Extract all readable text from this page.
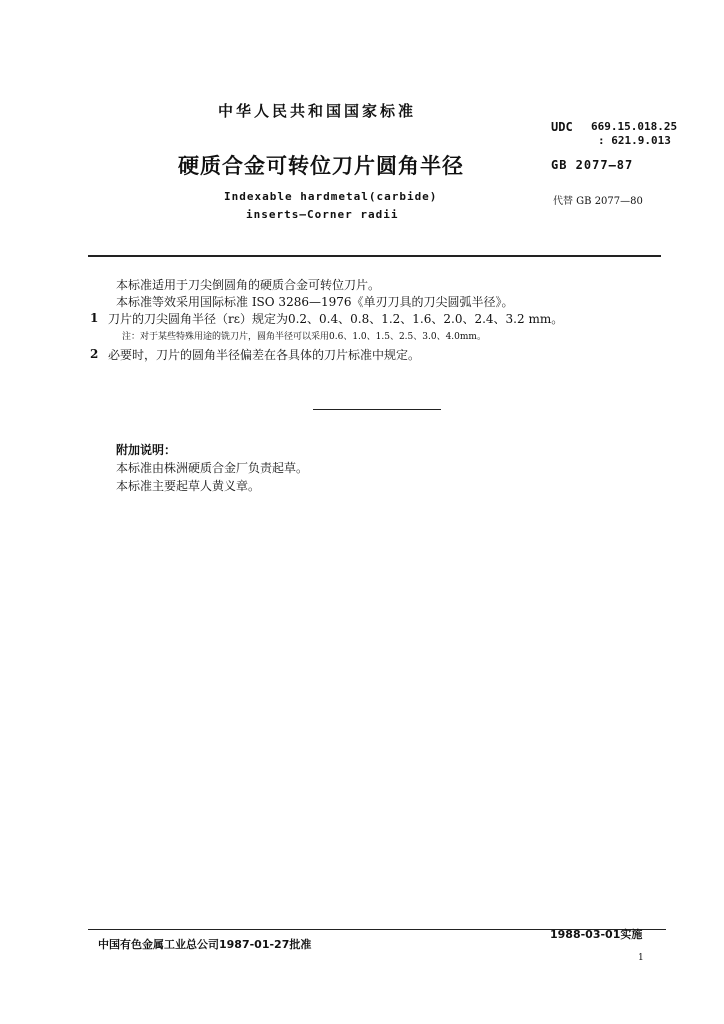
中华人民共和国国家标准
UDC 669.15.018.25
: 621.9.013
硬质合金可转位刀片圆角半径	GB 2077—87
Indexable hardmetal(carbide)
inserts—Corner radii
代替 GB 2077—80
本标准适用于刀尖倒圆角的硬质合金可转位刀片。
本标准等效采用国际标准 ISO 3286—1976《单刃刀具的刀尖圆弧半径》。
1 刀片的刀尖圆角半径（rε）规定为0.2、0.4、0.8、1.2、1.6、2.0、2.4、3.2 mm。
注：对于某些特殊用途的铣刀片，圆角半径可以采用0.6、1.0、1.5、2.5、3.0、4.0mm。
2 必要时，刀片的圆角半径偏差在各具体的刀片标准中规定。
附加说明：
本标准由株洲硬质合金厂负责起草。
本标准主要起草人黄义章。
中国有色金属工业总公司1987-01-27批准
1988-03-01实施
1
